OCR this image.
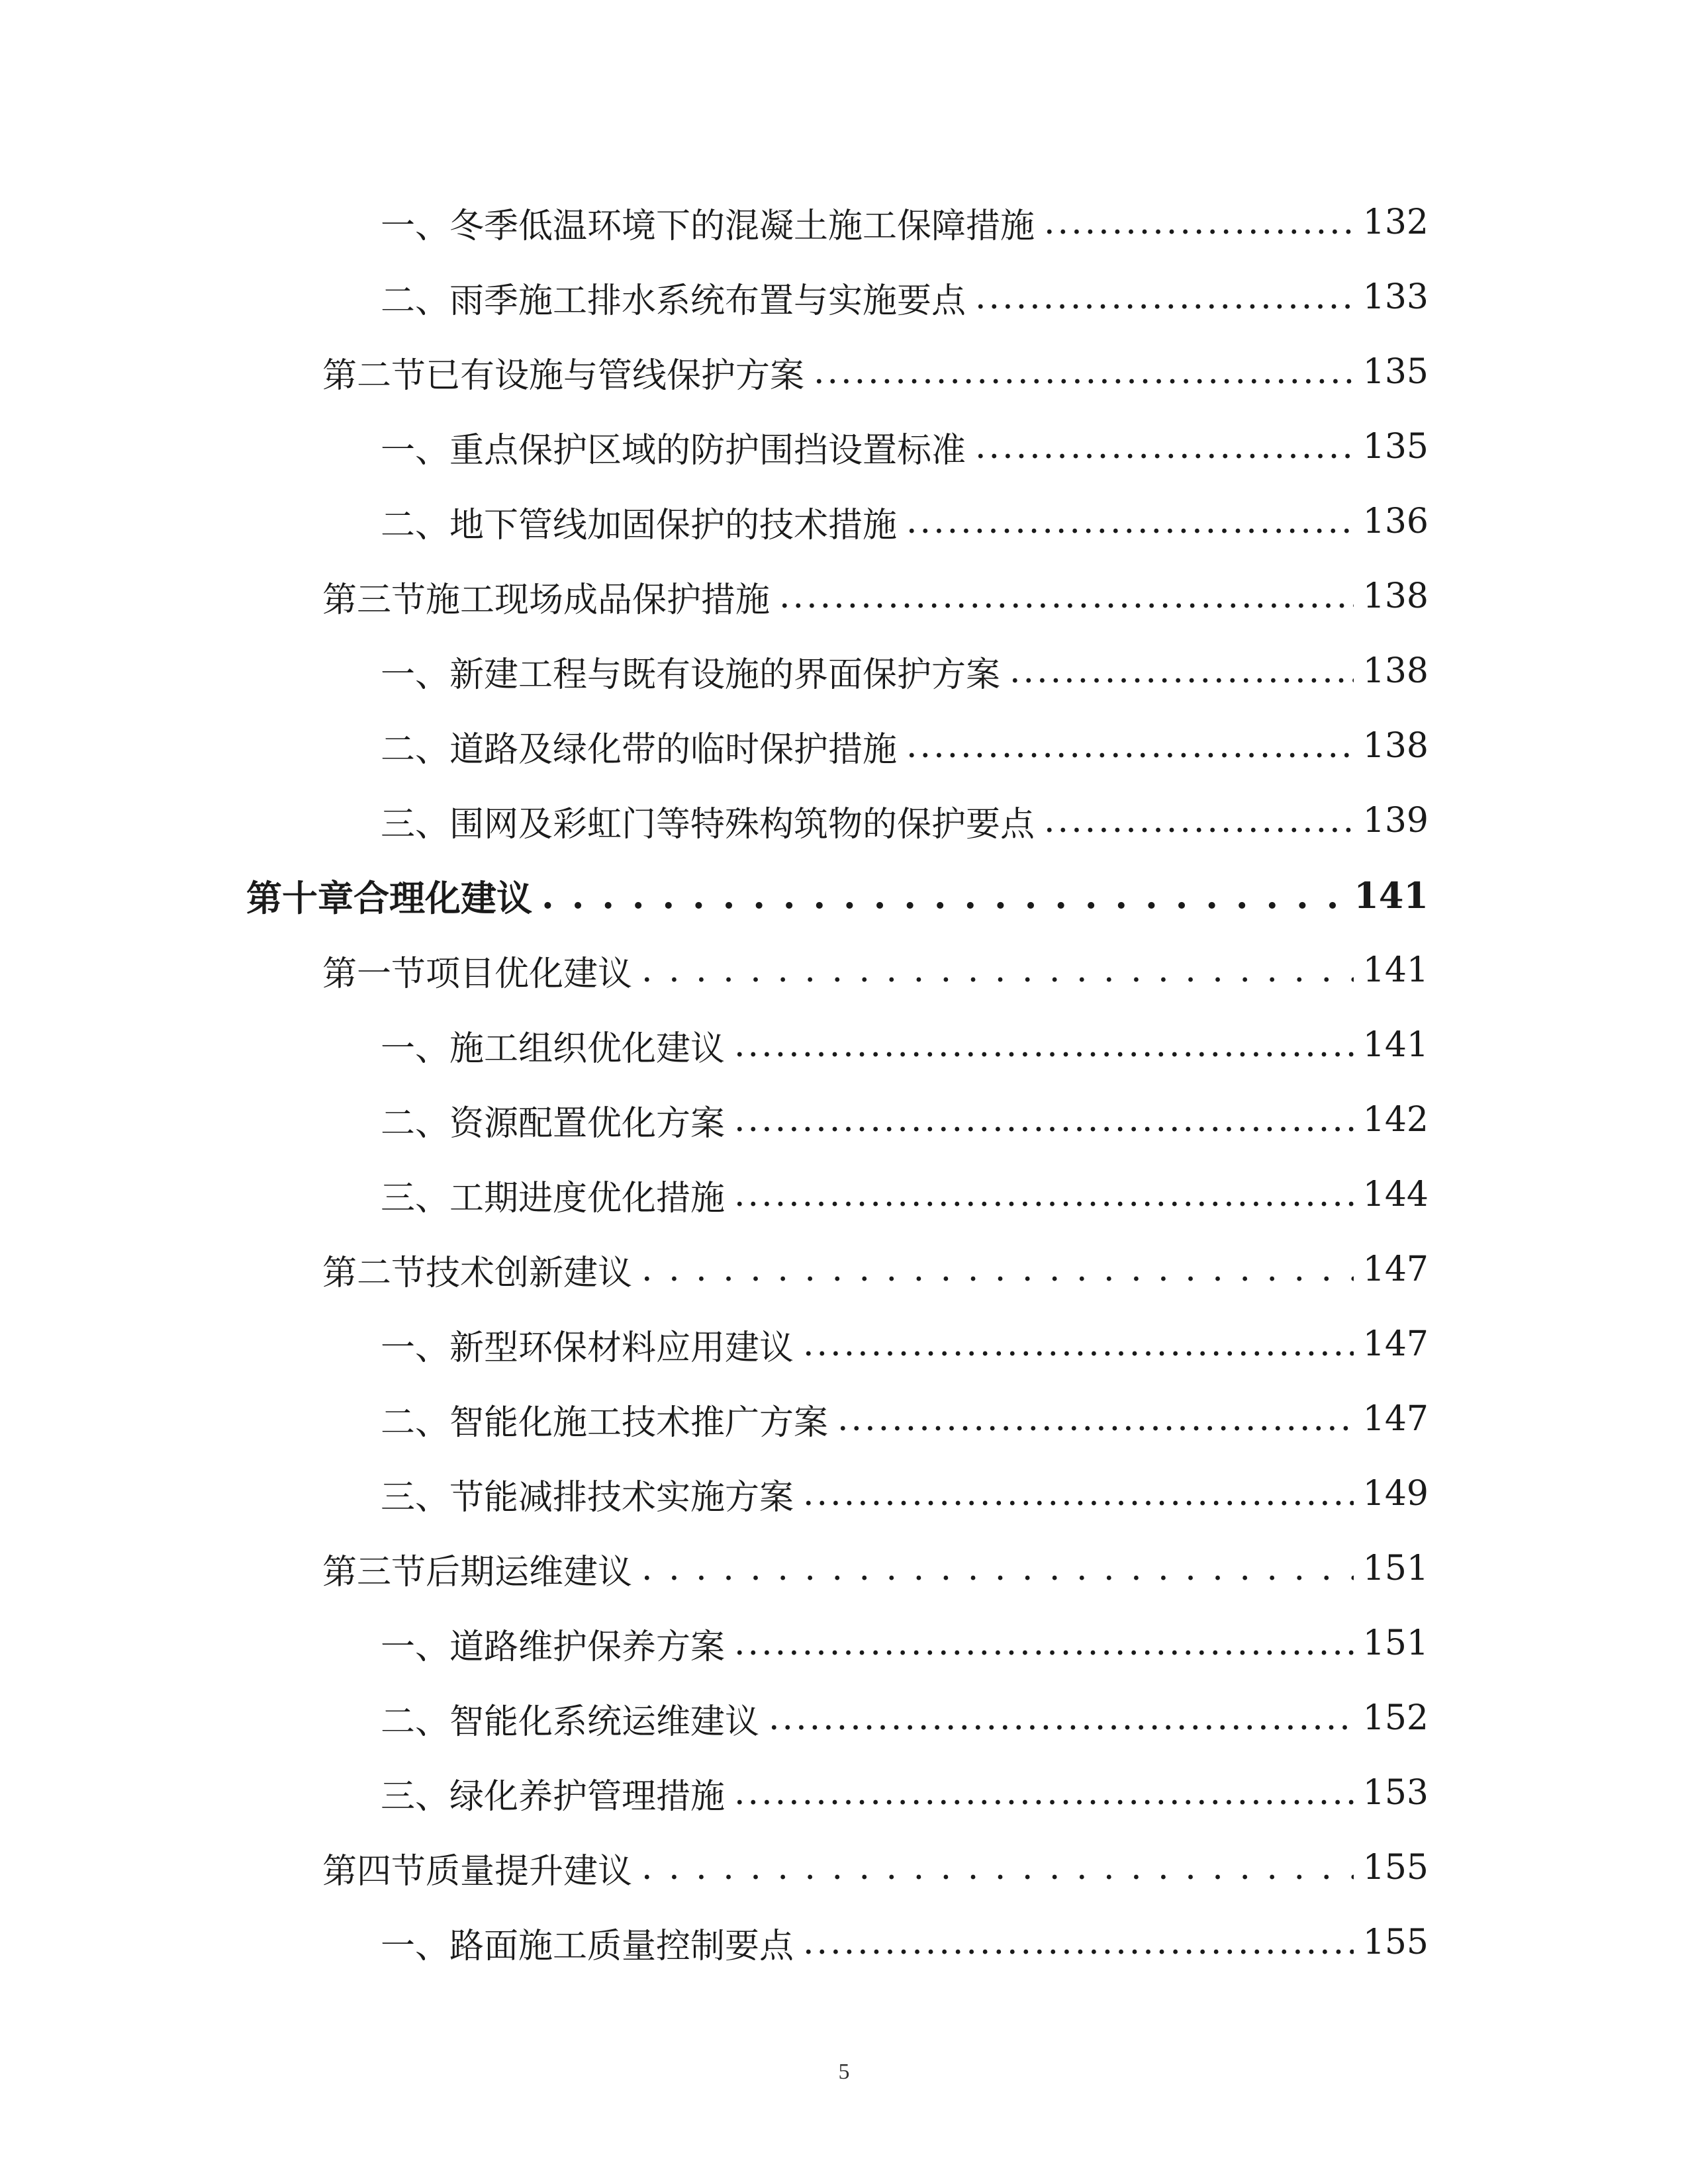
一、 冬季低温环境下的混凝土施工保障措施 .....	132
二、 雨季施工排水系统布置与实施要点 .....	133
第二节 已有设施与管线保护方案 .....	135
一、 重点保护区域的防护围挡设置标准 .....	135
二、 地下管线加固保护的技术措施 .....	136
第三节 施工现场成品保护措施 .....	138
一、 新建工程与既有设施的界面保护方案 .....	138
二、 道路及绿化带的临时保护措施 .....	138
三、 围网及彩虹门等特殊构筑物的保护要点 .....	139
第十章 合理化建议 . . .	141
第一节 项目优化建议 . . .	141
一、 施工组织优化建议 .....	141
二、 资源配置优化方案 .....	142
三、 工期进度优化措施 .....	144
第二节 技术创新建议 . . .	147
一、 新型环保材料应用建议 .....	147
二、 智能化施工技术推广方案 .....	147
三、 节能减排技术实施方案 .....	149
第三节 后期运维建议 . . .	151
一、 道路维护保养方案 .....	151
二、 智能化系统运维建议 .....	152
三、 绿化养护管理措施 .....	153
第四节 质量提升建议 . . .	155
一、 路面施工质量控制要点 .....	155
5
